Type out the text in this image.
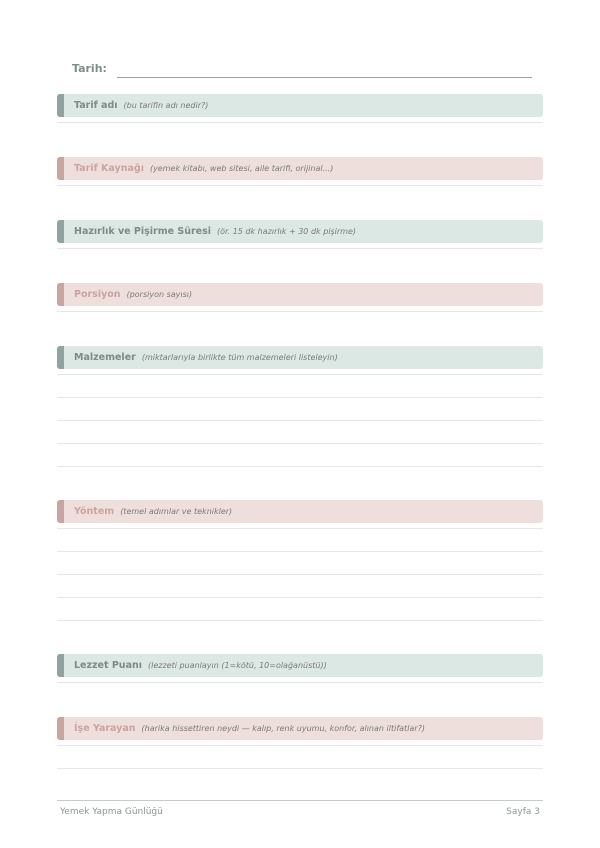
Tarih:
Tarif adı (bu tarifin adı nedir?)
Tarif Kaynağı (yemek kitabı, web sitesi, aile tarifi, orijinal...)
Hazırlık ve Pişirme Süresi (ör. 15 dk hazırlık + 30 dk pişirme)
Porsiyon (porsiyon sayısı)
Malzemeler (miktarlarıyla birlikte tüm malzemeleri listeleyin)
Yöntem (temel adımlar ve teknikler)
Lezzet Puanı (lezzeti puanlayın (1=kötü, 10=olağanüstü))
İşe Yarayan (harika hissettiren neydi — kalıp, renk uyumu, konfor, alınan iltifatlar?)
Yemek Yapma Günlüğü	Sayfa 3
